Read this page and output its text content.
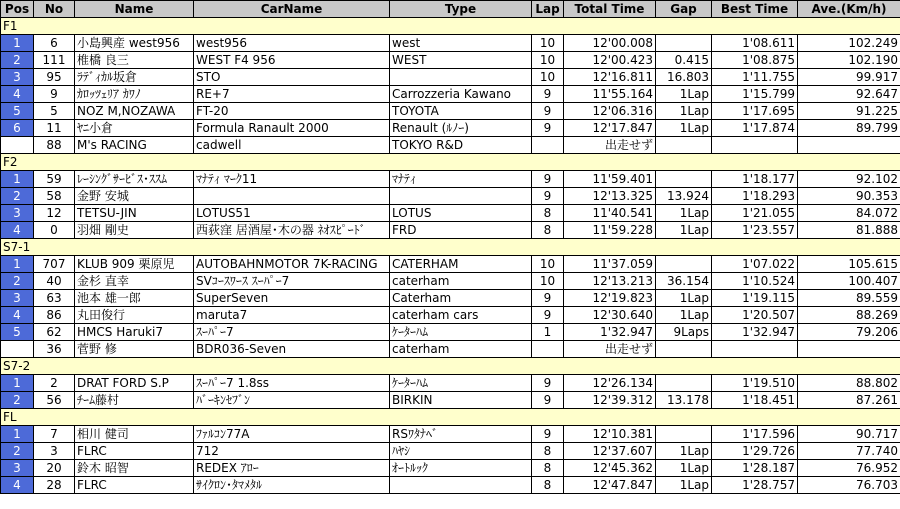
Pos	No	Name	CarName	Type	Lap	Total Time	Gap	Best Time	Ave.(Km/h)
F1									
1	6	小島興産 west956	west956	west	10	12'00.008		1'08.611	102.249
2	111	椎橋 良三	WEST F4 956	WEST	10	12'00.423	0.415	1'08.875	102.190
3	95	ﾗﾃﾞｨｶﾙ坂倉	STO		10	12'16.811	16.803	1'11.755	99.917
4	9	ｶﾛｯﾂｪﾘｱ ｶﾜﾉ	RE+7	Carrozzeria Kawano	9	11'55.164	1Lap	1'15.799	92.647
5	5	NOZ M,NOZAWA	FT-20	TOYOTA	9	12'06.316	1Lap	1'17.695	91.225
6	11	ﾔﾆ小倉	Formula Ranault 2000	Renault (ﾙﾉｰ)	9	12'17.847	1Lap	1'17.874	89.799
	88	M's RACING	cadwell	TOKYO R&D		出走せず			
F2									
1	59	ﾚｰｼﾝｸﾞｻｰﾋﾞｽ･ｽｽﾑ	ﾏﾅﾃｨ ﾏｰｸ11	ﾏﾅﾃｨ	9	11'59.401		1'18.177	92.102
2	58	金野 安城			9	12'13.325	13.924	1'18.293	90.353
3	12	TETSU-JIN	LOTUS51	LOTUS	8	11'40.541	1Lap	1'21.055	84.072
4	0	羽畑 剛史	西荻窪 居酒屋･木の器 ﾈｵｽﾋﾟｰﾄﾞ	FRD	8	11'59.228	1Lap	1'23.557	81.888
S7-1									
1	707	KLUB 909 栗原児	AUTOBAHNMOTOR 7K-RACING	CATERHAM	10	11'37.059		1'07.022	105.615
2	40	金杉 直幸	SVｺｰｽﾜｰｽ ｽｰﾊﾟｰ7	caterham	10	12'13.213	36.154	1'10.524	100.407
3	63	池本 雄一郎	SuperSeven	Caterham	9	12'19.823	1Lap	1'19.115	89.559
4	86	丸田俊行	maruta7	caterham cars	9	12'30.640	1Lap	1'20.507	88.269
5	62	HMCS Haruki7	ｽｰﾊﾟｰ7	ｹｰﾀｰﾊﾑ	1	1'32.947	9Laps	1'32.947	79.206
	36	菅野 修	BDR036-Seven	caterham		出走せず			
S7-2									
1	2	DRAT FORD S.P	ｽｰﾊﾟｰ7 1.8ss	ｹｰﾀｰﾊﾑ	9	12'26.134		1'19.510	88.802
2	56	ﾁｰﾑ藤村	ﾊﾞｰｷﾝｾﾌﾞﾝ	BIRKIN	9	12'39.312	13.178	1'18.451	87.261
FL									
1	7	相川 健司	ﾌｧﾙｺﾝ77A	RSﾜﾀﾅﾍﾞ	9	12'10.381		1'17.596	90.717
2	3	FLRC	712	ﾊﾔｼ	8	12'37.607	1Lap	1'29.726	77.740
3	20	鈴木 昭智	REDEX ｱﾛｰ	ｵｰﾄﾙｯｸ	8	12'45.362	1Lap	1'28.187	76.952
4	28	FLRC	ｻｲｸﾛﾝ･ﾀﾏﾒﾀﾙ		8	12'47.847	1Lap	1'28.757	76.703
